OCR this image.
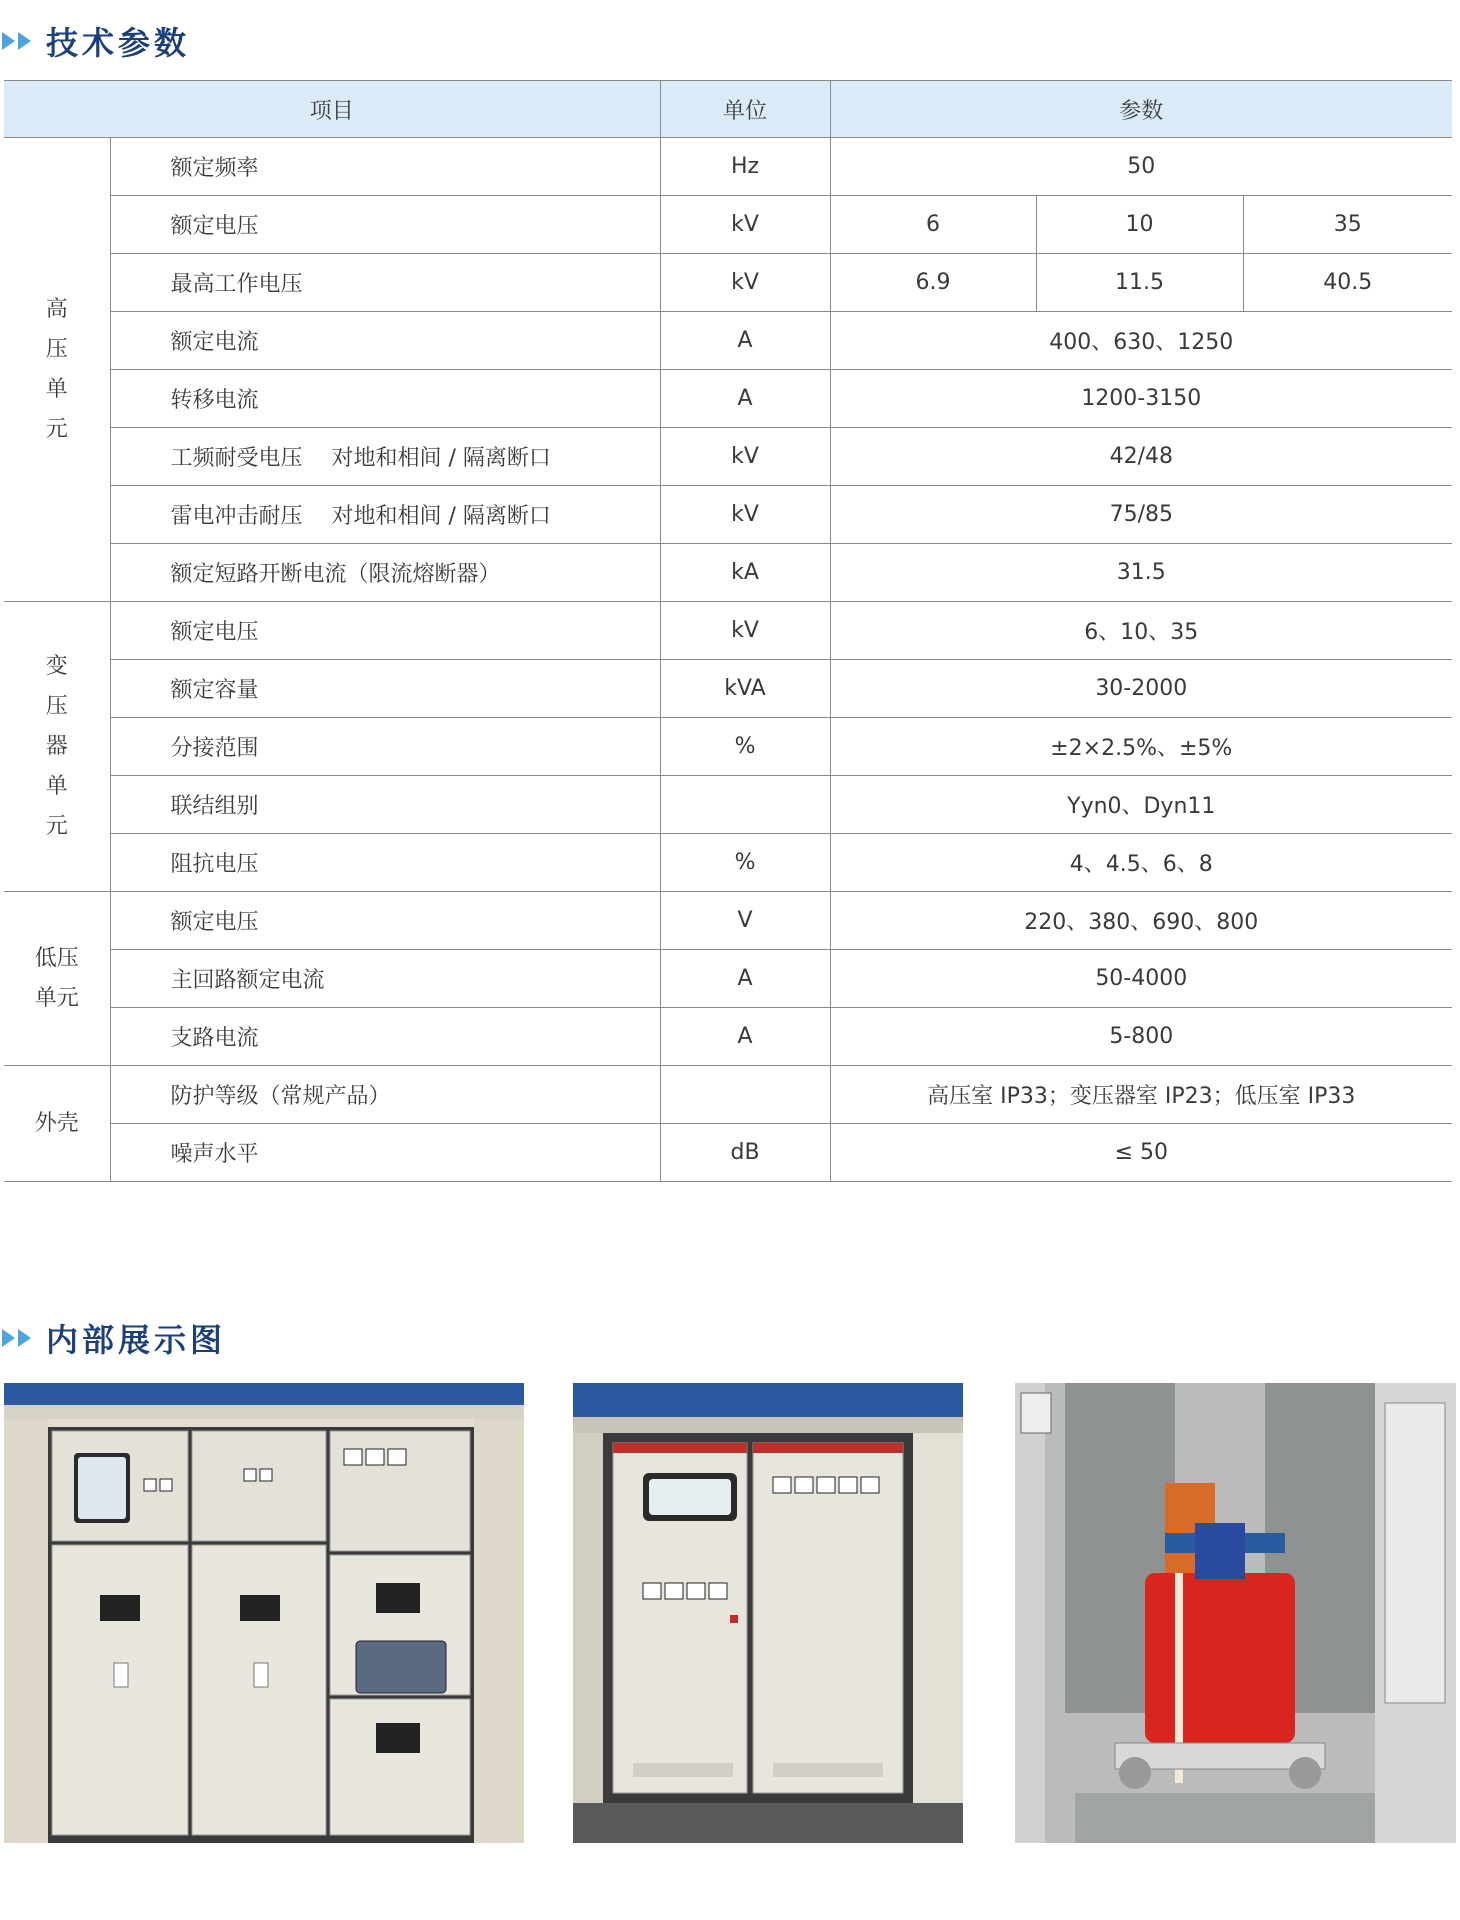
技术参数
项目		单位	参数		

高
压
单
元	额定频率	Hz	50		
	额定电压	kV	6	10	35
	最高工作电压	kV	6.9	11.5	40.5
	额定电流	A	400、630、1250		
	转移电流	A	1200-3150		
	工频耐受电压　 对地和相间 / 隔离断口	kV	42/48		
	雷电冲击耐压　 对地和相间 / 隔离断口	kV	75/85		
	额定短路开断电流（限流熔断器）	kA	31.5		

变
压
器
单
元	额定电压	kV	6、10、35		
	额定容量	kVA	30-2000		
	分接范围	%	±2×2.5%、±5%		
	联结组别		Yyn0、Dyn11		
	阻抗电压	%	4、4.5、6、8		

低压
单元	额定电压	V	220、380、690、800		
	主回路额定电流	A	50-4000		
	支路电流	A	5-800		

外壳	防护等级（常规产品）		高压室 IP33；变压器室 IP23；低压室 IP33		
	噪声水平	dB	≤ 50		
内部展示图
